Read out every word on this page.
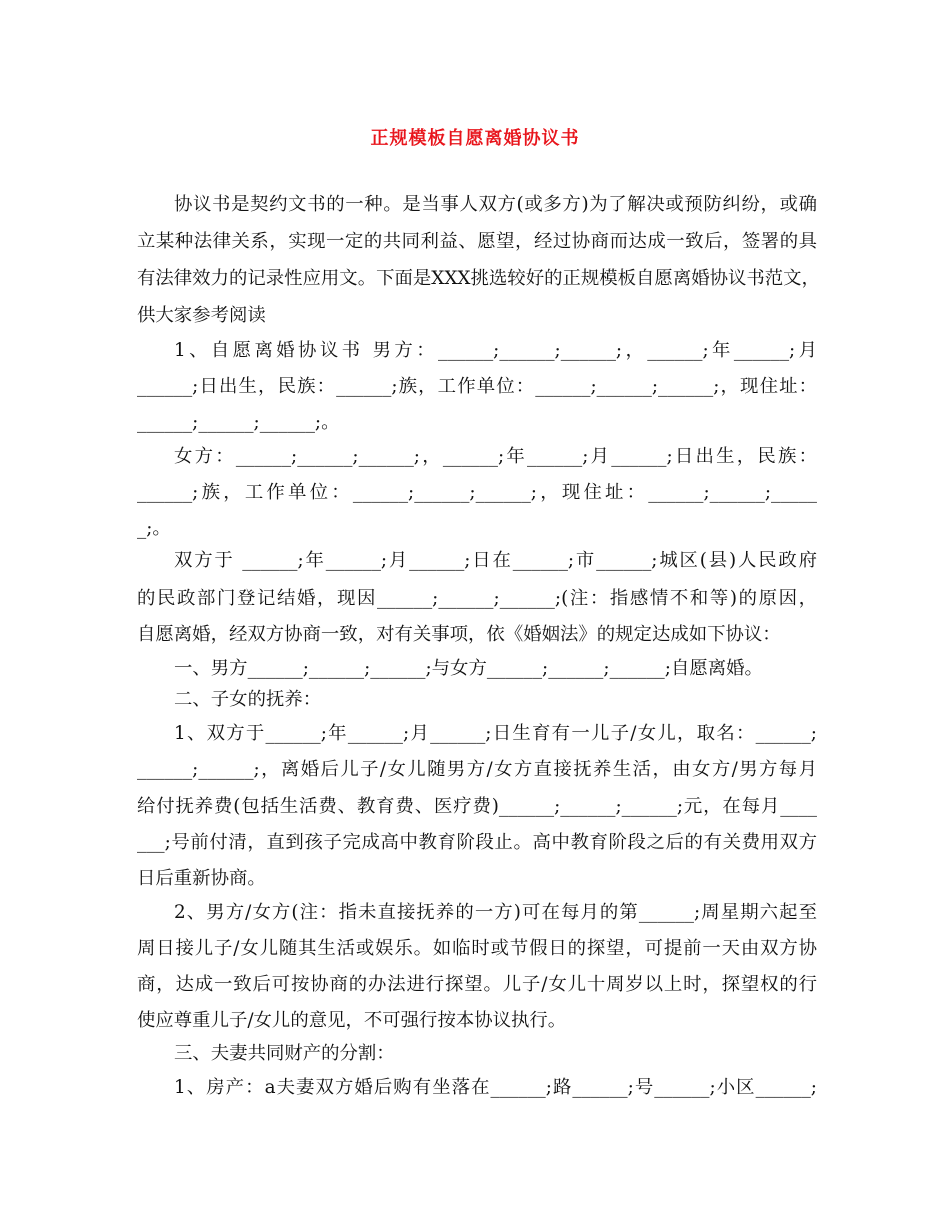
正规模板自愿离婚协议书
协议书是契约文书的一种。是当事人双方(或多方)为了解决或预防纠纷，或确
立某种法律关系，实现一定的共同利益、愿望，经过协商而达成一致后，签署的具
有法律效力的记录性应用文。下面是XXX挑选较好的正规模板自愿离婚协议书范文，
供大家参考阅读
1、自愿离婚协议书 男方：______;______;______;，______;年______;月
______;日出生，民族：______;族，工作单位：______;______;______;，现住址：
______;______;______;。
女方：______;______;______;，______;年______;月______;日出生，民族：
______;族，工作单位：______;______;______;，现住址：______;______;_____
_;。
双方于 ______;年______;月______;日在______;市______;城区(县)人民政府
的民政部门登记结婚，现因______;______;______;(注：指感情不和等)的原因，
自愿离婚，经双方协商一致，对有关事项，依《婚姻法》的规定达成如下协议：
一、男方______;______;______;与女方______;______;______;自愿离婚。
二、子女的抚养：
1、双方于______;年______;月______;日生育有一儿子/女儿，取名：______;
______;______;，离婚后儿子/女儿随男方/女方直接抚养生活，由女方/男方每月
给付抚养费(包括生活费、教育费、医疗费)______;______;______;元，在每月____
___;号前付清，直到孩子完成高中教育阶段止。高中教育阶段之后的有关费用双方
日后重新协商。
2、男方/女方(注：指未直接抚养的一方)可在每月的第______;周星期六起至
周日接儿子/女儿随其生活或娱乐。如临时或节假日的探望，可提前一天由双方协
商，达成一致后可按协商的办法进行探望。儿子/女儿十周岁以上时，探望权的行
使应尊重儿子/女儿的意见，不可强行按本协议执行。
三、夫妻共同财产的分割：
1、房产：a夫妻双方婚后购有坐落在______;路______;号______;小区______;
